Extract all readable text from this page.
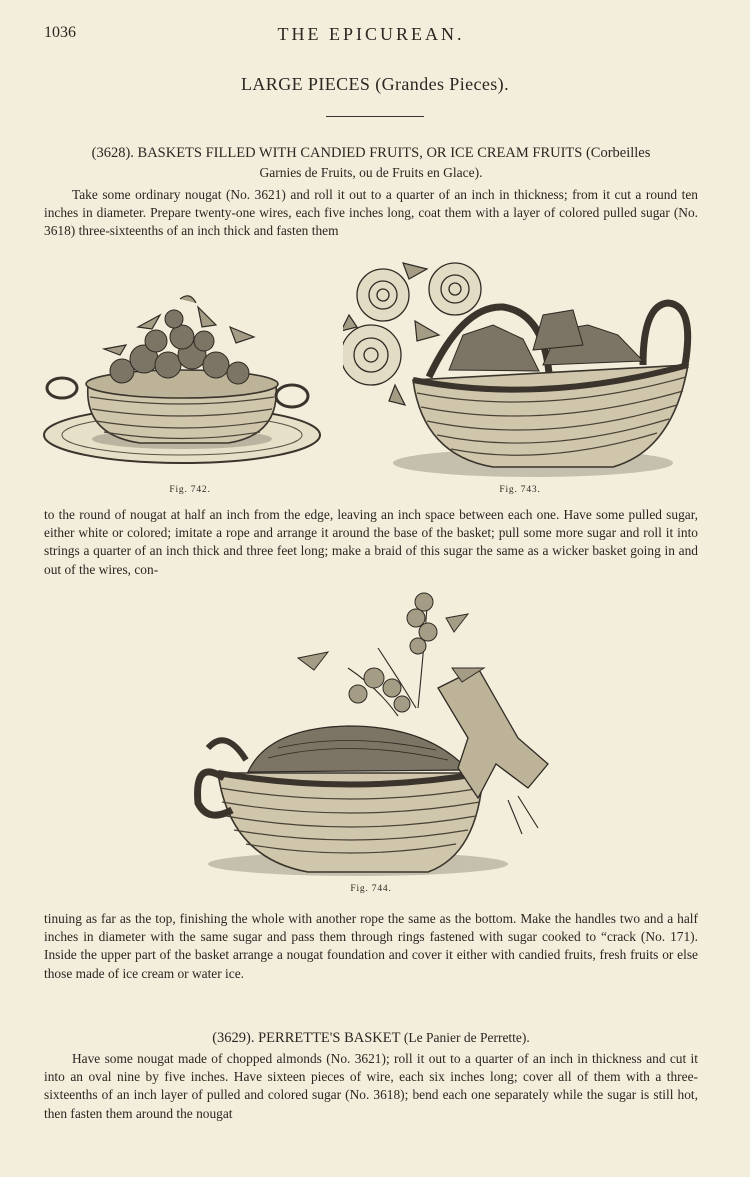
1036	THE EPICUREAN.
LARGE PIECES (Grandes Pieces).
(3628). BASKETS FILLED WITH CANDIED FRUITS, OR ICE CREAM FRUITS (Corbeilles
Garnies de Fruits, ou de Fruits en Glace).

Take some ordinary nougat (No. 3621) and roll it out to a quarter of an inch in thickness; from it cut a round ten inches in diameter. Prepare twenty-one wires, each five inches long, coat them with a layer of colored pulled sugar (No. 3618) three-sixteenths of an inch thick and fasten them

Fig. 742.	Fig. 743.

to the round of nougat at half an inch from the edge, leaving an inch space between each one. Have some pulled sugar, either white or colored; imitate a rope and arrange it around the base of the basket; pull some more sugar and roll it into strings a quarter of an inch thick and three feet long; make a braid of this sugar the same as a wicker basket going in and out of the wires, con-

Fig. 744.

tinuing as far as the top, finishing the whole with another rope the same as the bottom. Make the handles two and a half inches in diameter with the same sugar and pass them through rings fastened with sugar cooked to “crack (No. 171). Inside the upper part of the basket arrange a nougat foundation and cover it either with candied fruits, fresh fruits or else those made of ice cream or water ice.

(3629). PERRETTE'S BASKET (Le Panier de Perrette).

Have some nougat made of chopped almonds (No. 3621); roll it out to a quarter of an inch in thickness and cut it into an oval nine by five inches. Have sixteen pieces of wire, each six inches long; cover all of them with a three-sixteenths of an inch layer of pulled and colored sugar (No. 3618); bend each one separately while the sugar is still hot, then fasten them around the nougat
